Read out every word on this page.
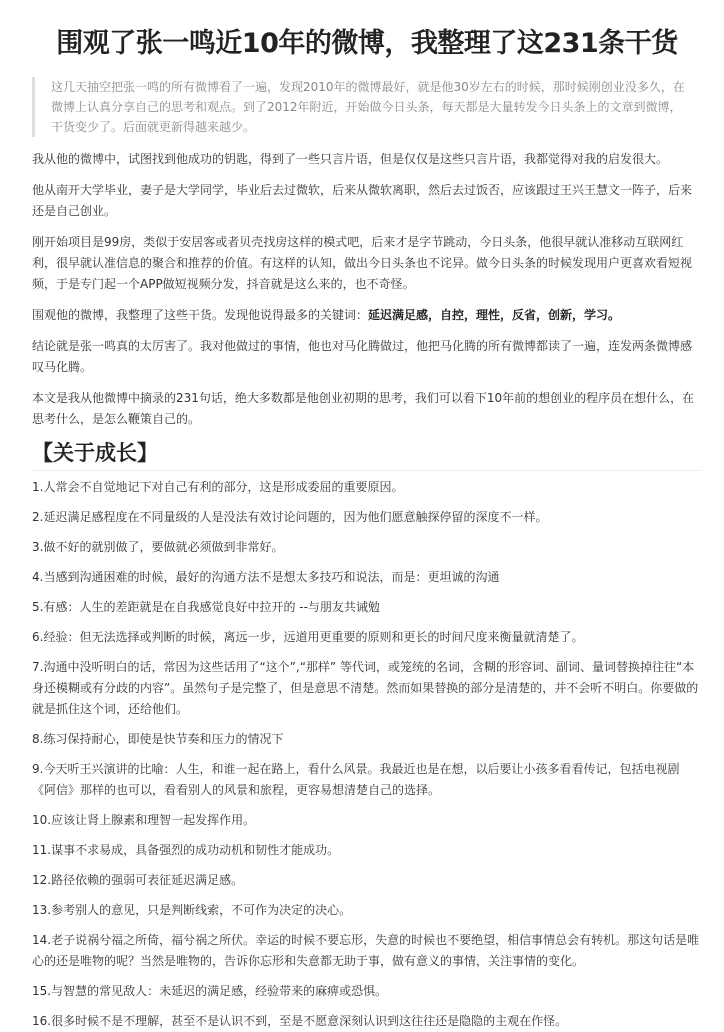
围观了张一鸣近10年的微博，我整理了这231条干货
这几天抽空把张一鸣的所有微博看了一遍，发现2010年的微博最好，就是他30岁左右的时候，那时候刚创业没多久，在微博上认真分享自己的思考和观点。到了2012年附近，开始做今日头条，每天都是大量转发今日头条上的文章到微博，干货变少了。后面就更新得越来越少。

我从他的微博中，试图找到他成功的钥匙，得到了一些只言片语，但是仅仅是这些只言片语，我都觉得对我的启发很大。

他从南开大学毕业，妻子是大学同学，毕业后去过微软，后来从微软离职，然后去过饭否，应该跟过王兴王慧文一阵子，后来还是自己创业。

刚开始项目是99房，类似于安居客或者贝壳找房这样的模式吧，后来才是字节跳动，今日头条，他很早就认准移动互联网红利，很早就认准信息的聚合和推荐的价值。有这样的认知，做出今日头条也不诧异。做今日头条的时候发现用户更喜欢看短视频，于是专门起一个APP做短视频分发，抖音就是这么来的，也不奇怪。

围观他的微博，我整理了这些干货。发现他说得最多的关键词：延迟满足感，自控，理性，反省，创新，学习。

结论就是张一鸣真的太厉害了。我对他做过的事情，他也对马化腾做过，他把马化腾的所有微博都读了一遍，连发两条微博感叹马化腾。

本文是我从他微博中摘录的231句话，绝大多数都是他创业初期的思考，我们可以看下10年前的想创业的程序员在想什么，在思考什么，是怎么鞭策自己的。

【关于成长】
1.人常会不自觉地记下对自己有利的部分，这是形成委屈的重要原因。
2.延迟满足感程度在不同量级的人是没法有效讨论问题的，因为他们愿意触探停留的深度不一样。
3.做不好的就别做了，要做就必须做到非常好。
4.当感到沟通困难的时候，最好的沟通方法不是想太多技巧和说法，而是：更坦诚的沟通
5.有感：人生的差距就是在自我感觉良好中拉开的 --与朋友共诫勉
6.经验：但无法选择或判断的时候，离远一步，远道用更重要的原则和更长的时间尺度来衡量就清楚了。
7.沟通中没听明白的话，常因为这些话用了“这个”,“那样” 等代词，或笼统的名词，含糊的形容词、副词、量词替换掉往往“本身还模糊或有分歧的内容”。虽然句子是完整了，但是意思不清楚。然而如果替换的部分是清楚的，并不会听不明白。你要做的就是抓住这个词，还给他们。
8.练习保持耐心，即使是快节奏和压力的情况下
9.今天听王兴演讲的比喻：人生，和谁一起在路上，看什么风景。我最近也是在想，以后要让小孩多看看传记，包括电视剧《阿信》那样的也可以，看看别人的风景和旅程，更容易想清楚自己的选择。
10.应该让肾上腺素和理智一起发挥作用。
11.谋事不求易成，具备强烈的成功动机和韧性才能成功。
12.路径依赖的强弱可表征延迟满足感。
13.参考别人的意见，只是判断线索，不可作为决定的决心。
14.老子说祸兮福之所倚，福兮祸之所伏。幸运的时候不要忘形，失意的时候也不要绝望，相信事情总会有转机。那这句话是唯心的还是唯物的呢？当然是唯物的，告诉你忘形和失意都无助于事，做有意义的事情，关注事情的变化。
15.与智慧的常见敌人：未延迟的满足感，经验带来的麻痹或恐惧。
16.很多时候不是不理解，甚至不是认识不到，至是不愿意深刻认识到这往往还是隐隐的主观在作怪。
